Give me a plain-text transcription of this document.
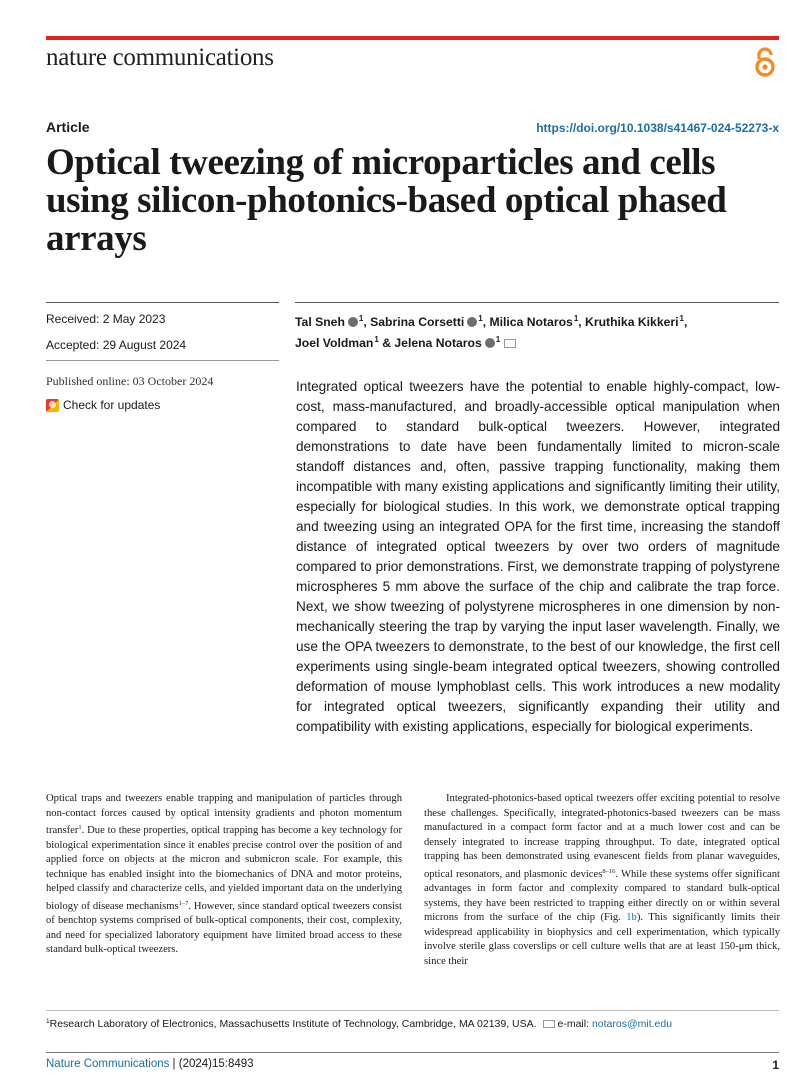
nature communications
Article	https://doi.org/10.1038/s41467-024-52273-x
Optical tweezing of microparticles and cells using silicon-photonics-based optical phased arrays
Received: 2 May 2023
Accepted: 29 August 2024
Published online: 03 October 2024
Check for updates
Tal Sneh $^1$, Sabrina Corsetti $^1$, Milica Notaros$^1$, Kruthika Kikkeri$^1$,
Joel Voldman$^1$ & Jelena Notaros $^1$

Integrated optical tweezers have the potential to enable highly-compact, low-cost, mass-manufactured, and broadly-accessible optical manipulation when compared to standard bulk-optical tweezers. However, integrated demonstrations to date have been fundamentally limited to micron-scale standoff distances and, often, passive trapping functionality, making them incompatible with many existing applications and significantly limiting their utility, especially for biological studies. In this work, we demonstrate optical trapping and tweezing using an integrated OPA for the first time, increasing the standoff distance of integrated optical tweezers by over two orders of magnitude compared to prior demonstrations. First, we demonstrate trapping of polystyrene microspheres 5 mm above the surface of the chip and calibrate the trap force. Next, we show tweezing of polystyrene microspheres in one dimension by non-mechanically steering the trap by varying the input laser wavelength. Finally, we use the OPA tweezers to demonstrate, to the best of our knowledge, the first cell experiments using single-beam integrated optical tweezers, showing controlled deformation of mouse lymphoblast cells. This work introduces a new modality for integrated optical tweezers, significantly expanding their utility and compatibility with existing applications, especially for biological experiments.

Optical traps and tweezers enable trapping and manipulation of particles through non-contact forces caused by optical intensity gradients and photon momentum transfer$^1$. Due to these properties, optical trapping has become a key technology for biological experimentation since it enables precise control over the position of and applied force on objects at the micron and submicron scale. For example, this technique has enabled insight into the biomechanics of DNA and motor proteins, helped classify and characterize cells, and yielded important data on the underlying biology of disease mechanisms$^{1-7}$. However, since standard optical tweezers consist of benchtop systems comprised of bulk-optical components, their cost, complexity, and need for specialized laboratory equipment have limited broad access to these standard bulk-optical tweezers.
Integrated-photonics-based optical tweezers offer exciting potential to resolve these challenges. Specifically, integrated-photonics-based tweezers can be mass manufactured in a compact form factor and at a much lower cost and can be densely integrated to increase trapping throughput. To date, integrated optical trapping has been demonstrated using evanescent fields from planar waveguides, optical resonators, and plasmonic devices$^{8-16}$. While these systems offer significant advantages in form factor and complexity compared to standard bulk-optical systems, they have been restricted to trapping either directly on or within several microns from the surface of the chip (Fig. 1b). This significantly limits their widespread applicability in biophysics and cell experimentation, which typically involve sterile glass coverslips or cell culture wells that are at least 150-μm thick, since their
$^1$Research Laboratory of Electronics, Massachusetts Institute of Technology, Cambridge, MA 02139, USA. e-mail: notaros@mit.edu
Nature Communications | (2024)15:8493	1
